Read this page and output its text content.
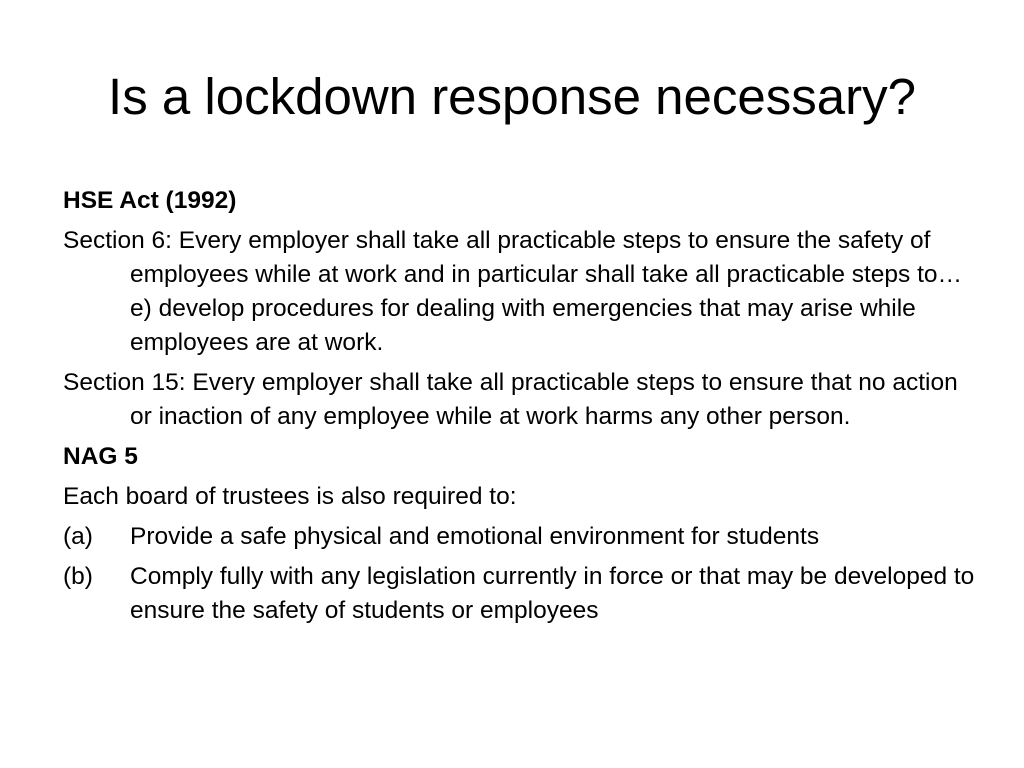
Is a lockdown response necessary?

HSE Act (1992)

Section 6: Every employer shall take all practicable steps to ensure the safety of employees while at work and in particular shall take all practicable steps to…e) develop procedures for dealing with emergencies that may arise while employees are at work.

Section 15: Every employer shall take all practicable steps to ensure that no action or inaction of any employee while at work harms any other person.

NAG 5

Each board of trustees is also required to:

(a)	Provide a safe physical and emotional environment for students
(b)	Comply fully with any legislation currently in force or that may be developed to ensure the safety of students or employees
